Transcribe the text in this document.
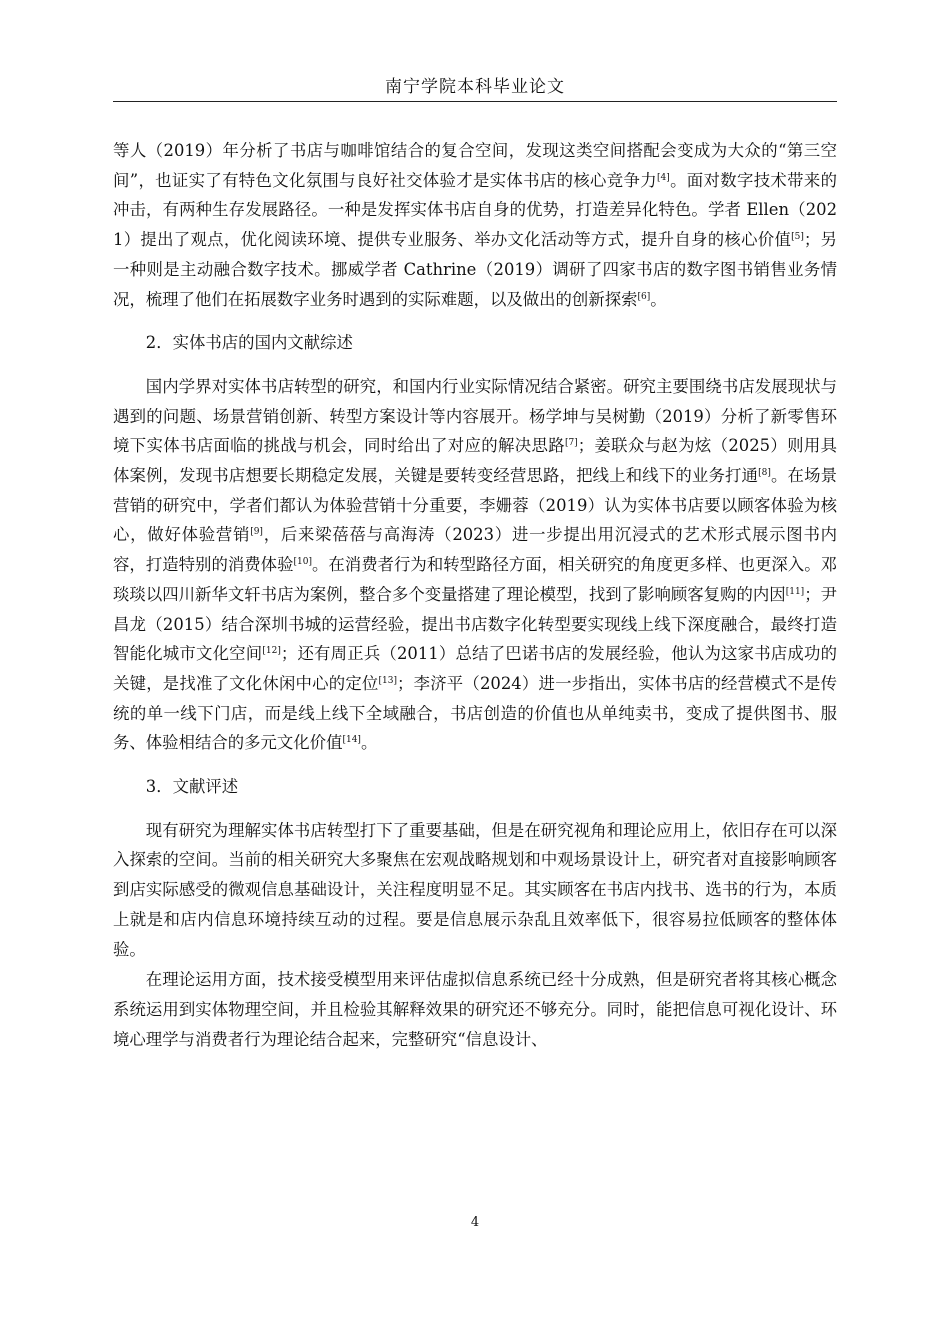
南宁学院本科毕业论文

等人（2019）年分析了书店与咖啡馆结合的复合空间，发现这类空间搭配会变成为大众的“第三空间”，也证实了有特色文化氛围与良好社交体验才是实体书店的核心竞争力[4]。面对数字技术带来的冲击，有两种生存发展路径。一种是发挥实体书店自身的优势，打造差异化特色。学者 Ellen（2021）提出了观点，优化阅读环境、提供专业服务、举办文化活动等方式，提升自身的核心价值[5]；另一种则是主动融合数字技术。挪威学者 Cathrine（2019）调研了四家书店的数字图书销售业务情况，梳理了他们在拓展数字业务时遇到的实际难题，以及做出的创新探索[6]。

2．实体书店的国内文献综述

国内学界对实体书店转型的研究，和国内行业实际情况结合紧密。研究主要围绕书店发展现状与遇到的问题、场景营销创新、转型方案设计等内容展开。杨学坤与吴树勤（2019）分析了新零售环境下实体书店面临的挑战与机会，同时给出了对应的解决思路[7]；姜联众与赵为炫（2025）则用具体案例，发现书店想要长期稳定发展，关键是要转变经营思路，把线上和线下的业务打通[8]。在场景营销的研究中，学者们都认为体验营销十分重要，李姗蓉（2019）认为实体书店要以顾客体验为核心，做好体验营销[9]，后来梁蓓蓓与高海涛（2023）进一步提出用沉浸式的艺术形式展示图书内容，打造特别的消费体验[10]。在消费者行为和转型路径方面，相关研究的角度更多样、也更深入。邓琰琰以四川新华文轩书店为案例，整合多个变量搭建了理论模型，找到了影响顾客复购的内因[11]；尹昌龙（2015）结合深圳书城的运营经验，提出书店数字化转型要实现线上线下深度融合，最终打造智能化城市文化空间[12]；还有周正兵（2011）总结了巴诺书店的发展经验，他认为这家书店成功的关键，是找准了文化休闲中心的定位[13]；李济平（2024）进一步指出，实体书店的经营模式不是传统的单一线下门店，而是线上线下全域融合，书店创造的价值也从单纯卖书，变成了提供图书、服务、体验相结合的多元文化价值[14]。

3．文献评述

现有研究为理解实体书店转型打下了重要基础，但是在研究视角和理论应用上，依旧存在可以深入探索的空间。当前的相关研究大多聚焦在宏观战略规划和中观场景设计上，研究者对直接影响顾客到店实际感受的微观信息基础设计，关注程度明显不足。其实顾客在书店内找书、选书的行为，本质上就是和店内信息环境持续互动的过程。要是信息展示杂乱且效率低下，很容易拉低顾客的整体体验。

在理论运用方面，技术接受模型用来评估虚拟信息系统已经十分成熟，但是研究者将其核心概念系统运用到实体物理空间，并且检验其解释效果的研究还不够充分。同时，能把信息可视化设计、环境心理学与消费者行为理论结合起来，完整研究“信息设计、

4
